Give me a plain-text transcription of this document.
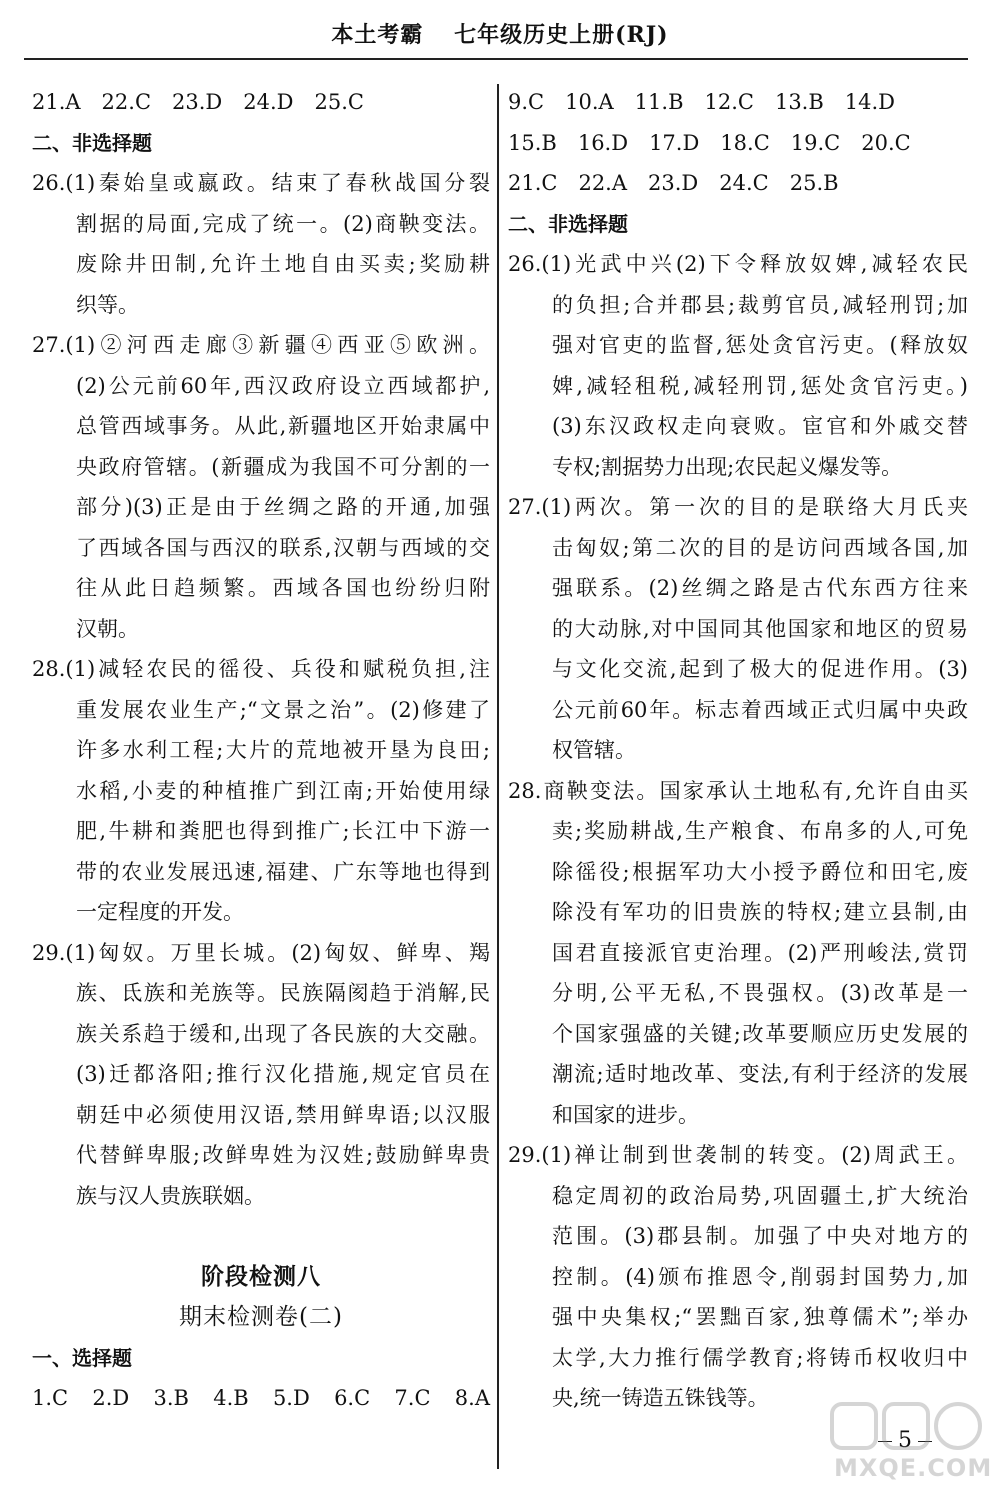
本土考霸 七年级历史上册(RJ)
21.A　22.C　23.D　24.D　25.C
二、非选择题
26.(1)秦始皇或嬴政。结束了春秋战国分裂
割据的局面,完成了统一。(2)商鞅变法。
废除井田制,允许土地自由买卖;奖励耕
织等。
27.(1)②河西走廊③新疆④西亚⑤欧洲。
(2)公元前60年,西汉政府设立西域都护,
总管西域事务。从此,新疆地区开始隶属中
央政府管辖。(新疆成为我国不可分割的一
部分)(3)正是由于丝绸之路的开通,加强
了西域各国与西汉的联系,汉朝与西域的交
往从此日趋频繁。西域各国也纷纷归附
汉朝。
28.(1)减轻农民的徭役、兵役和赋税负担,注
重发展农业生产;“文景之治”。(2)修建了
许多水利工程;大片的荒地被开垦为良田;
水稻,小麦的种植推广到江南;开始使用绿
肥,牛耕和粪肥也得到推广;长江中下游一
带的农业发展迅速,福建、广东等地也得到
一定程度的开发。
29.(1)匈奴。万里长城。(2)匈奴、鲜卑、羯
族、氐族和羌族等。民族隔阂趋于消解,民
族关系趋于缓和,出现了各民族的大交融。
(3)迁都洛阳;推行汉化措施,规定官员在
朝廷中必须使用汉语,禁用鲜卑语;以汉服
代替鲜卑服;改鲜卑姓为汉姓;鼓励鲜卑贵
族与汉人贵族联姻。
阶段检测八
期末检测卷(二)
一、选择题
1.C　2.D　3.B　4.B　5.D　6.C　7.C　8.A
9.C　10.A　11.B　12.C　13.B　14.D
15.B　16.D　17.D　18.C　19.C　20.C
21.C　22.A　23.D　24.C　25.B
二、非选择题
26.(1)光武中兴(2)下令释放奴婢,减轻农民
的负担;合并郡县;裁剪官员,减轻刑罚;加
强对官吏的监督,惩处贪官污吏。(释放奴
婢,减轻租税,减轻刑罚,惩处贪官污吏。)
(3)东汉政权走向衰败。宦官和外戚交替
专权;割据势力出现;农民起义爆发等。
27.(1)两次。第一次的目的是联络大月氏夹
击匈奴;第二次的目的是访问西域各国,加
强联系。(2)丝绸之路是古代东西方往来
的大动脉,对中国同其他国家和地区的贸易
与文化交流,起到了极大的促进作用。(3)
公元前60年。标志着西域正式归属中央政
权管辖。
28.商鞅变法。国家承认土地私有,允许自由买
卖;奖励耕战,生产粮食、布帛多的人,可免
除徭役;根据军功大小授予爵位和田宅,废
除没有军功的旧贵族的特权;建立县制,由
国君直接派官吏治理。(2)严刑峻法,赏罚
分明,公平无私,不畏强权。(3)改革是一
个国家强盛的关键;改革要顺应历史发展的
潮流;适时地改革、变法,有利于经济的发展
和国家的进步。
29.(1)禅让制到世袭制的转变。(2)周武王。
稳定周初的政治局势,巩固疆土,扩大统治
范围。(3)郡县制。加强了中央对地方的
控制。(4)颁布推恩令,削弱封国势力,加
强中央集权;“罢黜百家,独尊儒术”;举办
太学,大力推行儒学教育;将铸币权收归中
央,统一铸造五铢钱等。
5
MXQE.COM
